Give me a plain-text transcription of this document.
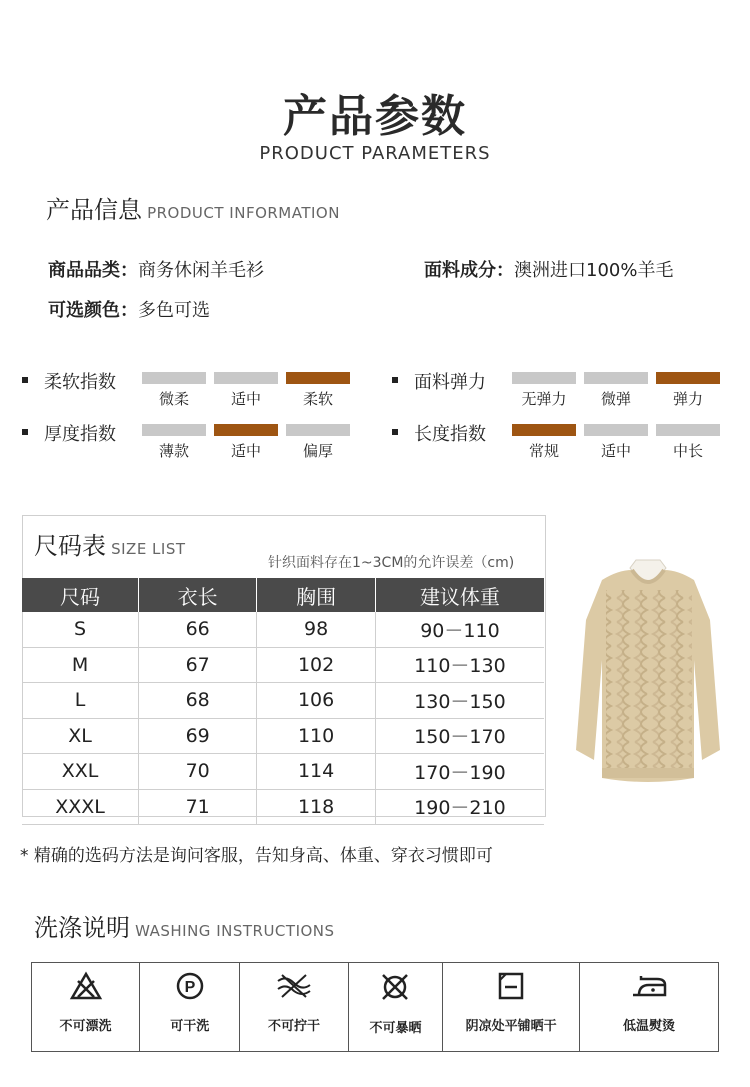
产品参数
PRODUCT PARAMETERS
产品信息 PRODUCT INFORMATION
商品品类：商务休闲羊毛衫	面料成分：澳洲进口100%羊毛
可选颜色：多色可选
柔软指数
微柔	适中	柔软
面料弹力
无弹力	微弹	弹力
厚度指数
薄款	适中	偏厚
长度指数
常规	适中	中长
尺码表 SIZE LIST
针织面料存在1~3CM的允许误差（cm)
尺码	衣长	胸围	建议体重
S	66	98	90－110
M	67	102	110－130
L	68	106	130－150
XL	69	110	150－170
XXL	70	114	170－190
XXXL	71	118	190－210
* 精确的选码方法是询问客服，告知身高、体重、穿衣习惯即可
洗涤说明 WASHING INSTRUCTIONS
不可漂洗

P
可干洗	不可拧干	不可暴晒	阴凉处平铺晒干	低温熨烫
